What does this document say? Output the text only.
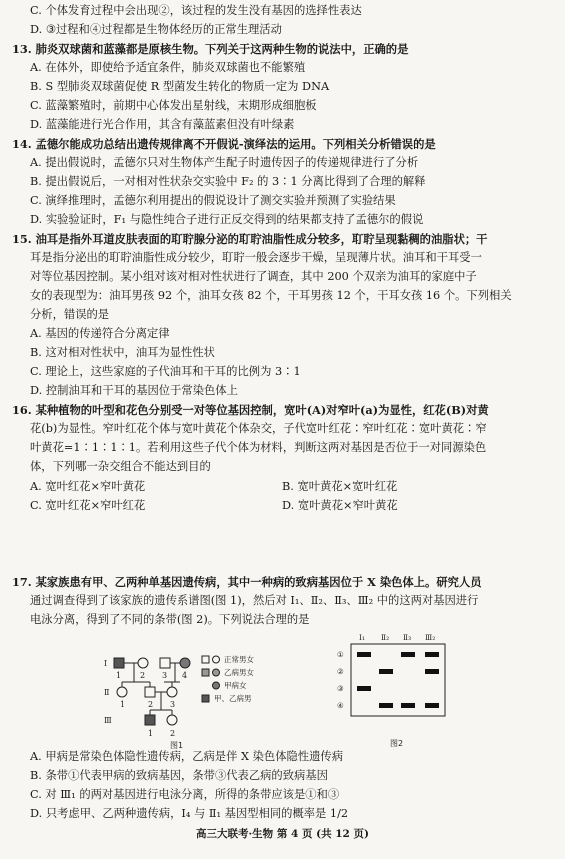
C. 个体发育过程中会出现②，该过程的发生没有基因的选择性表达
D. ③过程和④过程都是生物体经历的正常生理活动
13. 肺炎双球菌和蓝藻都是原核生物。下列关于这两种生物的说法中，正确的是
A. 在体外，即使给予适宜条件，肺炎双球菌也不能繁殖
B. S 型肺炎双球菌促使 R 型菌发生转化的物质一定为 DNA
C. 蓝藻繁殖时，前期中心体发出星射线，末期形成细胞板
D. 蓝藻能进行光合作用，其含有藻蓝素但没有叶绿素
14. 孟德尔能成功总结出遗传规律离不开假说-演绎法的运用。下列相关分析错误的是
A. 提出假说时，孟德尔只对生物体产生配子时遗传因子的传递规律进行了分析
B. 提出假说后，一对相对性状杂交实验中 F₂ 的 3∶1 分离比得到了合理的解释
C. 演绎推理时，孟德尔利用提出的假说设计了测交实验并预测了实验结果
D. 实验验证时，F₁ 与隐性纯合子进行正反交得到的结果都支持了孟德尔的假说
15. 油耳是指外耳道皮肤表面的耵聍腺分泌的耵聍油脂性成分较多，耵聍呈现黏稠的油脂状；干
耳是指分泌出的耵聍油脂性成分较少，耵聍一般会逐步干燥，呈现薄片状。油耳和干耳受一
对等位基因控制。某小组对该对相对性状进行了调查，其中 200 个双亲为油耳的家庭中子
女的表现型为：油耳男孩 92 个，油耳女孩 82 个，干耳男孩 12 个，干耳女孩 16 个。下列相关
分析，错误的是
A. 基因的传递符合分离定律
B. 这对相对性状中，油耳为显性性状
C. 理论上，这些家庭的子代油耳和干耳的比例为 3∶1
D. 控制油耳和干耳的基因位于常染色体上
16. 某种植物的叶型和花色分别受一对等位基因控制，宽叶(A)对窄叶(a)为显性，红花(B)对黄
花(b)为显性。窄叶红花个体与宽叶黄花个体杂交，子代宽叶红花∶窄叶红花∶宽叶黄花∶窄
叶黄花=1∶1∶1∶1。若利用这些子代个体为材料，判断这两对基因是否位于一对同源染色
体，下列哪一杂交组合不能达到目的
A. 宽叶红花×窄叶黄花	B. 宽叶黄花×宽叶红花
C. 宽叶红花×窄叶红花	D. 宽叶黄花×窄叶黄花
17. 某家族患有甲、乙两种单基因遗传病，其中一种病的致病基因位于 X 染色体上。研究人员
通过调查得到了该家族的遗传系谱图(图 1)，然后对 Ⅰ₁、Ⅱ₂、Ⅱ₃、Ⅲ₂ 中的这两对基因进行
电泳分离，得到了不同的条带(图 2)。下列说法合理的是
Ⅰ
Ⅱ
Ⅲ
1 2 3 4
1	2 3
1 2
正常男女
乙病男女
甲病女
甲、乙病男
图1
Ⅰ₁ Ⅱ₂ Ⅱ₃ Ⅲ₂
①
②
③
④
图2
A. 甲病是常染色体隐性遗传病，乙病是伴 X 染色体隐性遗传病
B. 条带①代表甲病的致病基因，条带③代表乙病的致病基因
C. 对 Ⅲ₁ 的两对基因进行电泳分离，所得的条带应该是①和③
D. 只考虑甲、乙两种遗传病，Ⅰ₄ 与 Ⅱ₁ 基因型相同的概率是 1/2
高三大联考·生物 第 4 页 (共 12 页)
